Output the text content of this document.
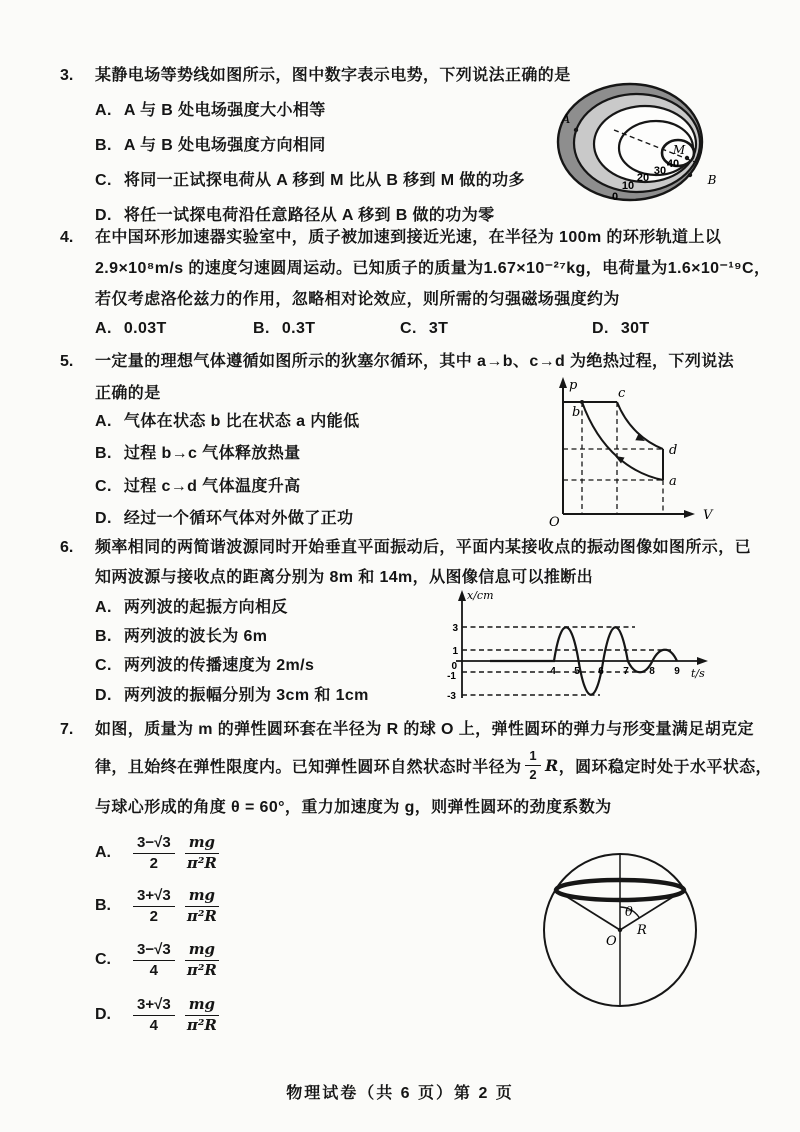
3. 某静电场等势线如图所示，图中数字表示电势，下列说法正确的是
A. A 与 B 处电场强度大小相等
B. A 与 B 处电场强度方向相同
C. 将同一正试探电荷从 A 移到 M 比从 B 移到 M 做的功多
D. 将任一试探电荷沿任意路径从 A 移到 B 做的功为零
A
B
M
0
10
20
30
40
4. 在中国环形加速器实验室中，质子被加速到接近光速，在半径为 100m 的环形轨道上以
2.9×10⁸m/s 的速度匀速圆周运动。已知质子的质量为1.67×10⁻²⁷kg，电荷量为1.6×10⁻¹⁹C，
若仅考虑洛伦兹力的作用，忽略相对论效应，则所需的匀强磁场强度约为
A. 0.03T	B. 0.3T	C. 3T	D. 30T
5. 一定量的理想气体遵循如图所示的狄塞尔循环，其中 a→b、c→d 为绝热过程，下列说法
正确的是
A. 气体在状态 b 比在状态 a 内能低
B. 过程 b→c 气体释放热量
C. 过程 c→d 气体温度升高
D. 经过一个循环气体对外做了正功
p
V
O
b
c
d
a
6. 频率相同的两简谐波源同时开始垂直平面振动后，平面内某接收点的振动图像如图所示，已
知两波源与接收点的距离分别为 8m 和 14m，从图像信息可以推断出
A. 两列波的起振方向相反
B. 两列波的波长为 6m
C. 两列波的传播速度为 2m/s
D. 两列波的振幅分别为 3cm 和 1cm
x/cm
t/s
3
1
0
-1
-3
4 5 6 7 8 9
7. 如图，质量为 m 的弹性圆环套在半径为 R 的球 O 上，弹性圆环的弹力与形变量满足胡克定
律，且始终在弹性限度内。已知弹性圆环自然状态时半径为 $\frac{1}{2}$ R ，圆环稳定时处于水平状态，
与球心形成的角度 θ = 60°，重力加速度为 g，则弹性圆环的劲度系数为
A. $\frac{3-√3}{2} \frac{mg}{\text{π²R}}$
B. $\frac{3+√3}{2} \frac{mg}{\text{π²R}}$
C. $\frac{3-√3}{4} \frac{mg}{\text{π²R}}$
D. $\frac{3+√3}{4} \frac{mg}{\text{π²R}}$
O
θ
R
物理试卷（共 6 页）第 2 页
